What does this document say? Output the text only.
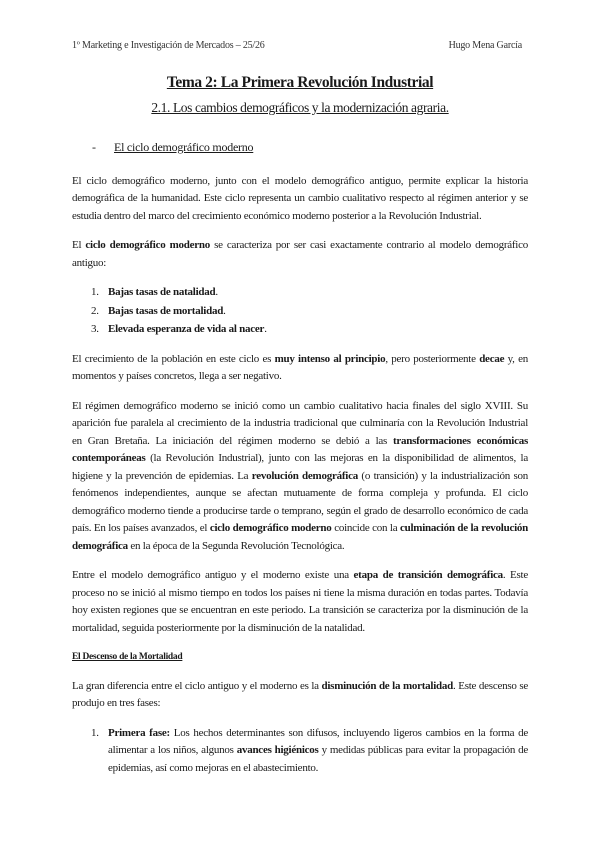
1º Marketing e Investigación de Mercados – 25/26	Hugo Mena García
Tema 2: La Primera Revolución Industrial
2.1. Los cambios demográficos y la modernización agraria.
- El ciclo demográfico moderno

El ciclo demográfico moderno, junto con el modelo demográfico antiguo, permite explicar la historia demográfica de la humanidad. Este ciclo representa un cambio cualitativo respecto al régimen anterior y se estudia dentro del marco del crecimiento económico moderno posterior a la Revolución Industrial.

El ciclo demográfico moderno se caracteriza por ser casi exactamente contrario al modelo demográfico antiguo:

1. Bajas tasas de natalidad.
2. Bajas tasas de mortalidad.
3. Elevada esperanza de vida al nacer.

El crecimiento de la población en este ciclo es muy intenso al principio, pero posteriormente decae y, en momentos y países concretos, llega a ser negativo.

El régimen demográfico moderno se inició como un cambio cualitativo hacia finales del siglo XVIII. Su aparición fue paralela al crecimiento de la industria tradicional que culminaría con la Revolución Industrial en Gran Bretaña. La iniciación del régimen moderno se debió a las transformaciones económicas contemporáneas (la Revolución Industrial), junto con las mejoras en la disponibilidad de alimentos, la higiene y la prevención de epidemias. La revolución demográfica (o transición) y la industrialización son fenómenos independientes, aunque se afectan mutuamente de forma compleja y profunda. El ciclo demográfico moderno tiende a producirse tarde o temprano, según el grado de desarrollo económico de cada país. En los países avanzados, el ciclo demográfico moderno coincide con la culminación de la revolución demográfica en la época de la Segunda Revolución Tecnológica.

Entre el modelo demográfico antiguo y el moderno existe una etapa de transición demográfica. Este proceso no se inició al mismo tiempo en todos los países ni tiene la misma duración en todas partes. Todavía hoy existen regiones que se encuentran en este periodo. La transición se caracteriza por la disminución de la mortalidad, seguida posteriormente por la disminución de la natalidad.

El Descenso de la Mortalidad

La gran diferencia entre el ciclo antiguo y el moderno es la disminución de la mortalidad. Este descenso se produjo en tres fases:

1. Primera fase: Los hechos determinantes son difusos, incluyendo ligeros cambios en la forma de alimentar a los niños, algunos avances higiénicos y medidas públicas para evitar la propagación de epidemias, así como mejoras en el abastecimiento.
